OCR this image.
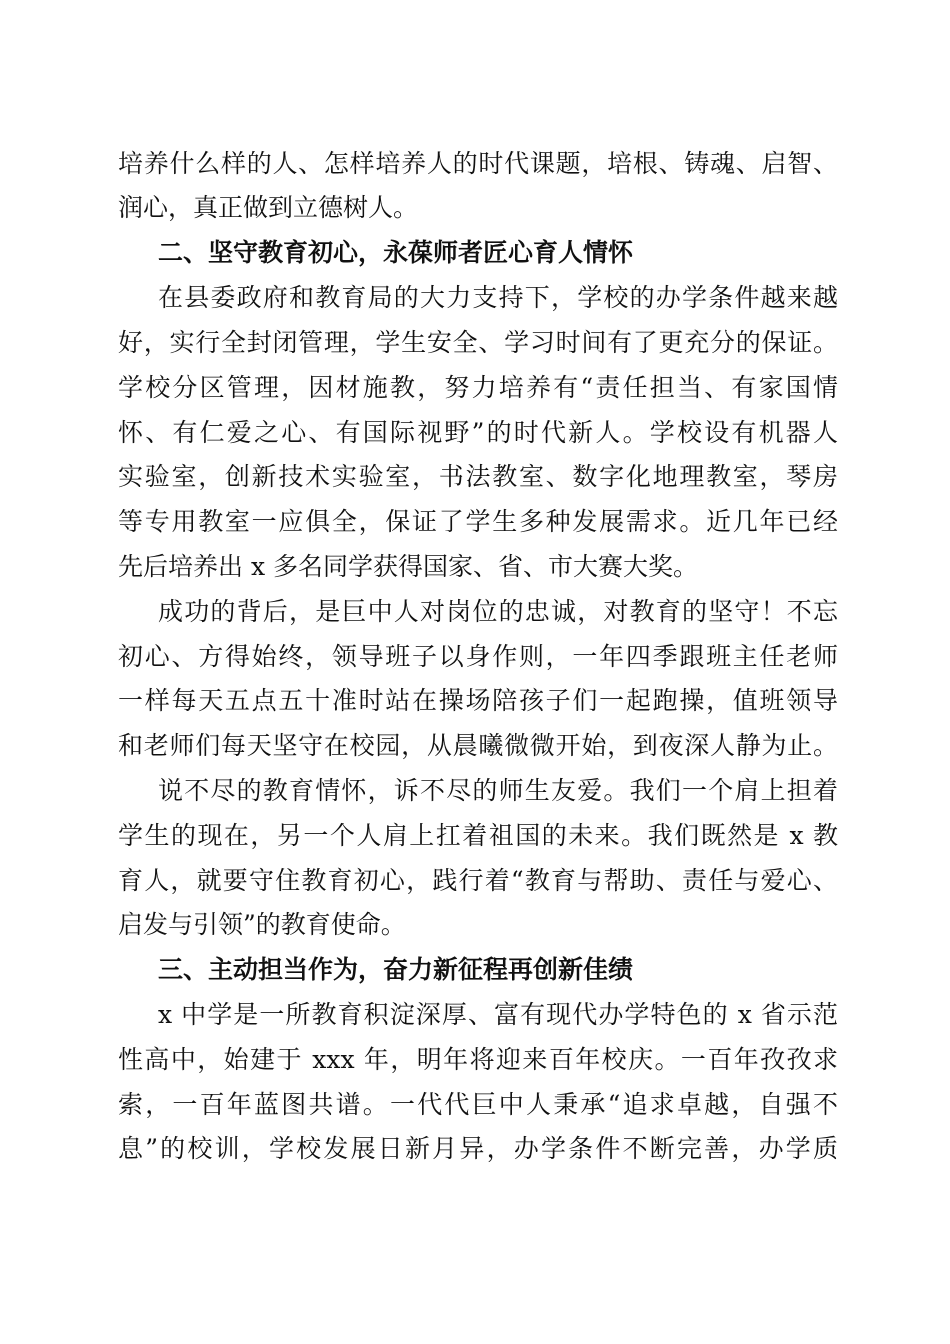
培养什么样的人、怎样培养人的时代课题，培根、铸魂、启智、
润心，真正做到立德树人。
二、坚守教育初心，永葆师者匠心育人情怀
在县委政府和教育局的大力支持下，学校的办学条件越来越
好，实行全封闭管理，学生安全、学习时间有了更充分的保证。
学校分区管理，因材施教，努力培养有“责任担当、有家国情
怀、有仁爱之心、有国际视野”的时代新人。学校设有机器人
实验室，创新技术实验室，书法教室、数字化地理教室，琴房
等专用教室一应俱全，保证了学生多种发展需求。近几年已经
先后培养出 x 多名同学获得国家、省、市大赛大奖。
成功的背后，是巨中人对岗位的忠诚，对教育的坚守！不忘
初心、方得始终，领导班子以身作则，一年四季跟班主任老师
一样每天五点五十准时站在操场陪孩子们一起跑操，值班领导
和老师们每天坚守在校园，从晨曦微微开始，到夜深人静为止。
说不尽的教育情怀，诉不尽的师生友爱。我们一个肩上担着
学生的现在，另一个人肩上扛着祖国的未来。我们既然是 x 教
育人，就要守住教育初心，践行着“教育与帮助、责任与爱心、
启发与引领”的教育使命。
三、主动担当作为，奋力新征程再创新佳绩
x 中学是一所教育积淀深厚、富有现代办学特色的 x 省示范
性高中，始建于 xxx 年，明年将迎来百年校庆。一百年孜孜求
索，一百年蓝图共谱。一代代巨中人秉承“追求卓越，自强不
息”的校训，学校发展日新月异，办学条件不断完善，办学质
